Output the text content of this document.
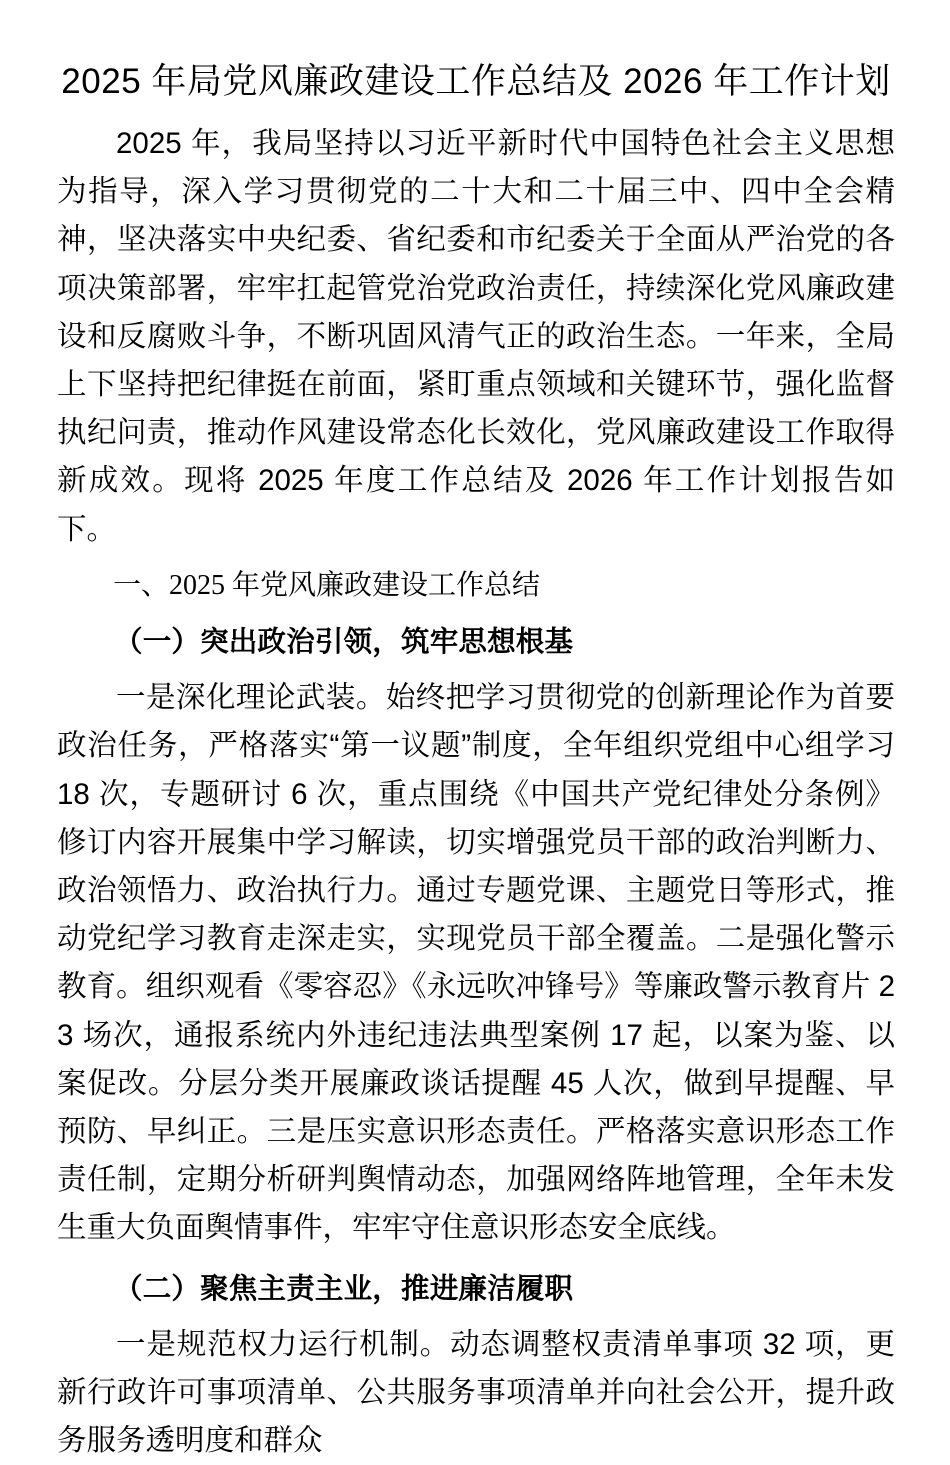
2025 年局党风廉政建设工作总结及 2026 年工作计划

2025 年，我局坚持以习近平新时代中国特色社会主义思想为指导，深入学习贯彻党的二十大和二十届三中、四中全会精神，坚决落实中央纪委、省纪委和市纪委关于全面从严治党的各项决策部署，牢牢扛起管党治党政治责任，持续深化党风廉政建设和反腐败斗争，不断巩固风清气正的政治生态。一年来，全局上下坚持把纪律挺在前面，紧盯重点领域和关键环节，强化监督执纪问责，推动作风建设常态化长效化，党风廉政建设工作取得新成效。现将 2025 年度工作总结及 2026 年工作计划报告如下。

一、2025 年党风廉政建设工作总结

（一）突出政治引领，筑牢思想根基

一是深化理论武装。始终把学习贯彻党的创新理论作为首要政治任务，严格落实“第一议题”制度，全年组织党组中心组学习 18 次，专题研讨 6 次，重点围绕《中国共产党纪律处分条例》修订内容开展集中学习解读，切实增强党员干部的政治判断力、政治领悟力、政治执行力。通过专题党课、主题党日等形式，推动党纪学习教育走深走实，实现党员干部全覆盖。二是强化警示教育。组织观看《零容忍》《永远吹冲锋号》等廉政警示教育片 23 场次，通报系统内外违纪违法典型案例 17 起，以案为鉴、以案促改。分层分类开展廉政谈话提醒 45 人次，做到早提醒、早预防、早纠正。三是压实意识形态责任。严格落实意识形态工作责任制，定期分析研判舆情动态，加强网络阵地管理，全年未发生重大负面舆情事件，牢牢守住意识形态安全底线。

（二）聚焦主责主业，推进廉洁履职

一是规范权力运行机制。动态调整权责清单事项 32 项，更新行政许可事项清单、公共服务事项清单并向社会公开，提升政务服务透明度和群众
